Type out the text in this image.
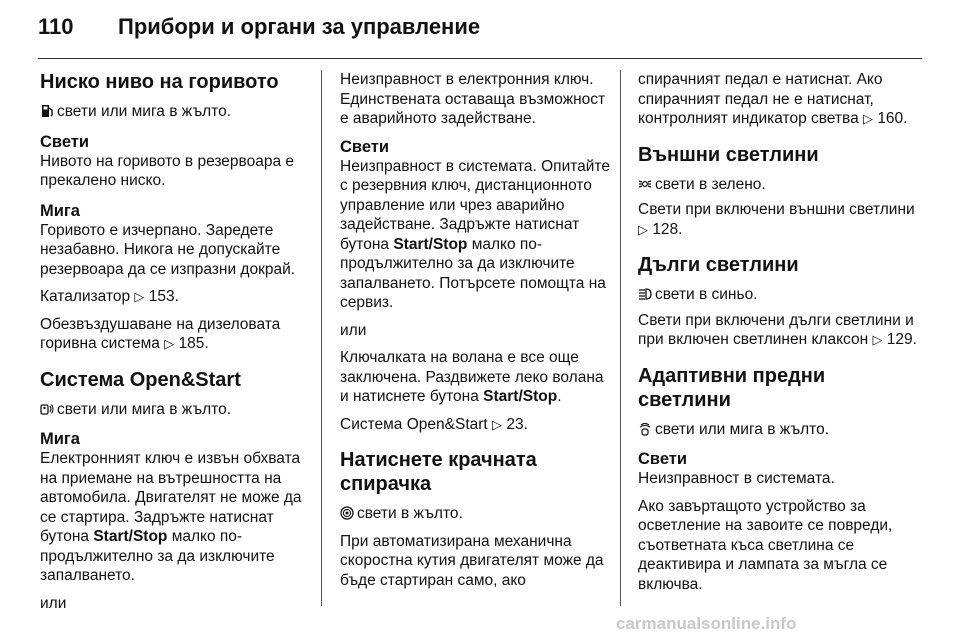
110 Прибори и органи за управление
Ниско ниво на горивото

свети или мига в жълто.

Свети

Нивото на горивото в резервоара е прекалено ниско.

Мига

Горивото е изчерпано. Заредете незабавно. Никога не допускайте резервоара да се изпразни докрай.

Катализатор ▷ 153.

Обезвъздушаване на дизеловата горивна система ▷ 185.

Система Open&Start

свети или мига в жълто.

Мига

Електронният ключ е извън обхвата на приемане на вътрешността на автомобила. Двигателят не може да се стартира. Задръжте натиснат бутона Start/Stop малко по-продължително за да изключите запалването.

или

Неизправност в електронния ключ. Единствената оставаща възможност е аварийното задействане.

Свети

Неизправност в системата. Опитайте с резервния ключ, дистанционното управление или чрез аварийно задействане. Задръжте натиснат бутона Start/Stop малко по-продължително за да изключите запалването. Потърсете помощта на сервиз.

или

Ключалката на волана е все още заключена. Раздвижете леко волана и натиснете бутона Start/Stop.

Система Open&Start ▷ 23.

Натиснете крачната спирачка

свети в жълто.

При автоматизирана механична скоростна кутия двигателят може да бъде стартиран само, ако

спирачният педал е натиснат. Ако спирачният педал не е натиснат, контролният индикатор светва ▷ 160.

Външни светлини

свети в зелено.

Свети при включени външни светлини ▷ 128.

Дълги светлини

свети в синьо.

Свети при включени дълги светлини и при включен светлинен клаксон ▷ 129.

Адаптивни предни светлини

свети или мига в жълто.

Свети

Неизправност в системата.

Ако завъртащото устройство за осветление на завоите се повреди, съответната къса светлина се деактивира и лампата за мъгла се включва.

carmanualsonline.info
